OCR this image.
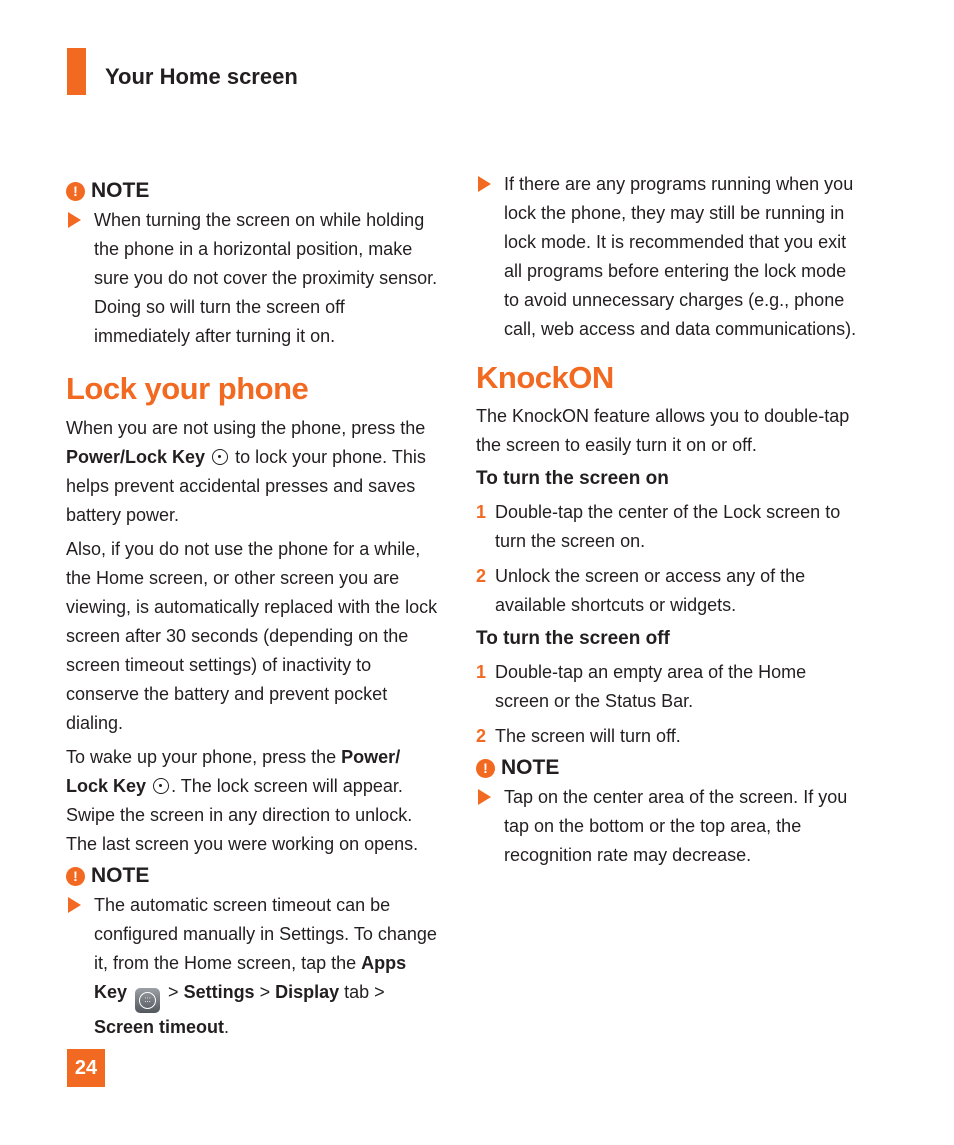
Your Home screen
! NOTE
When turning the screen on while holding the phone in a horizontal position, make sure you do not cover the proximity sensor. Doing so will turn the screen off immediately after turning it on.
Lock your phone

When you are not using the phone, press the Power/Lock Key  to lock your phone. This helps prevent accidental presses and saves battery power.

Also, if you do not use the phone for a while, the Home screen, or other screen you are viewing, is automatically replaced with the lock screen after 30 seconds (depending on the screen timeout settings) of inactivity to conserve the battery and prevent pocket dialing.

To wake up your phone, press the Power/ Lock Key . The lock screen will appear. Swipe the screen in any direction to unlock. The last screen you were working on opens.

! NOTE
The automatic screen timeout can be configured manually in Settings. To change it, from the Home screen, tap the Apps Key	::: > Settings > Display tab > Screen timeout.
If there are any programs running when you lock the phone, they may still be running in lock mode. It is recommended that you exit all programs before entering the lock mode to avoid unnecessary charges (e.g., phone call, web access and data communications).
KnockON

The KnockON feature allows you to double-tap the screen to easily turn it on or off.

To turn the screen on

1 Double-tap the center of the Lock screen to turn the screen on.
2 Unlock the screen or access any of the available shortcuts or widgets.

To turn the screen off

1 Double-tap an empty area of the Home screen or the Status Bar.
2 The screen will turn off.
! NOTE
Tap on the center area of the screen. If you tap on the bottom or the top area, the recognition rate may decrease.
24
